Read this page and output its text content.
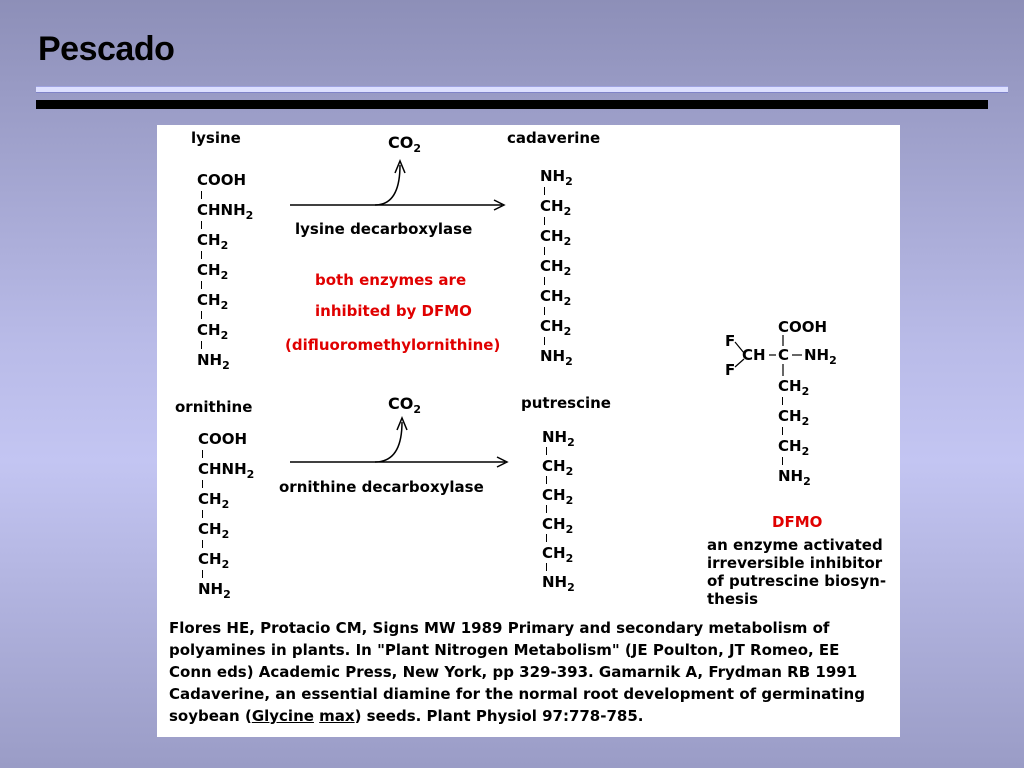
Pescado
lysine
COOH
$CHNH_2$
$CH_2$
$CH_2$
$CH_2$
$CH_2$
$NH_2$
$CO_2$
lysine decarboxylase
cadaverine
$NH_2$
$CH_2$
$CH_2$
$CH_2$
$CH_2$
$CH_2$
$NH_2$
both enzymes are
inhibited by DFMO
(difluoromethylornithine)
ornithine
COOH
$CHNH_2$
$CH_2$
$CH_2$
$CH_2$
$NH_2$
$CO_2$
ornithine decarboxylase
putrescine
$NH_2$
$CH_2$
$CH_2$
$CH_2$
$CH_2$
$NH_2$
F
F
CH C $NH_2$
COOH
$CH_2$
$CH_2$
$CH_2$
$NH_2$
DFMO
an enzyme activated
irreversible inhibitor
of putrescine biosyn-
thesis
Flores HE, Protacio CM, Signs MW 1989 Primary and secondary metabolism of
polyamines in plants. In "Plant Nitrogen Metabolism" (JE Poulton, JT Romeo, EE
Conn eds) Academic Press, New York, pp 329-393. Gamarnik A, Frydman RB 1991
Cadaverine, an essential diamine for the normal root development of germinating
soybean (Glycine max) seeds. Plant Physiol 97:778-785.
